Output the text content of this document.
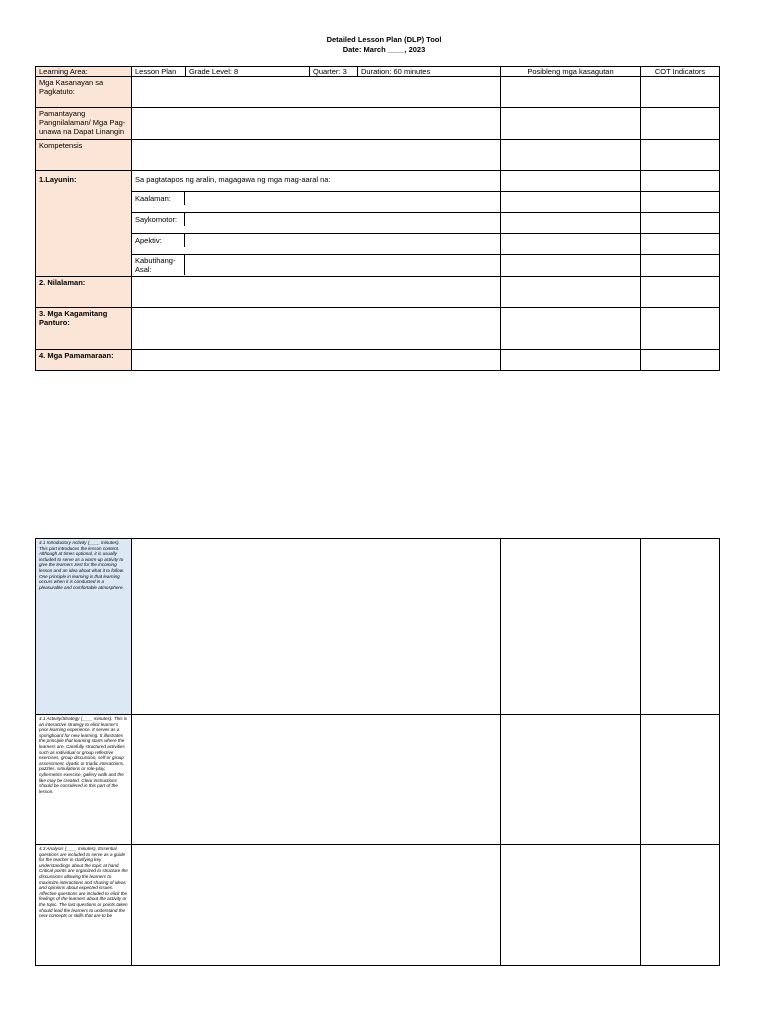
Detailed Lesson Plan (DLP) Tool
Date: March ____, 2023
Learning Area:	Lesson Plan Grade Level: 8 Quarter: 3 Duration: 60 minutes	Posibleng mga kasagutan	COT Indicators
Mga Kasanayan sa Pagkatuto:			
Pamantayang Pangnilalaman/ Mga Pag-unawa na Dapat Linangin			
Kompetensis			
1.Layunin:	Sa pagtatapos ng aralin, magagawa ng mga mag-aaral na:		

	Kaalaman:		

	Saykomotor:		

	Apektiv:		

	Kabutihang-Asal:		

2. Nilalaman:			
3. Mga Kagamitang Panturo:			
4. Mga Pamamaraan:			
4.1 Introductory Activity (____ minutes). This part introduces the lesson content. Although at times optional, it is usually included to serve as a warm-up activity to give the learners zest for the incoming lesson and an idea about what it to follow. One principle in learning is that learning occurs when it is conducted in a pleasurable and comfortable atmosphere.			
4.1 Activity/Strategy (____ minutes). This is an interactive strategy to elicit learner's prior learning experience. It serves as a springboard for new learning. It illustrates the principle that learning starts where the learners are. Carefully structured activities such as individual or group reflective exercises, group discussion, self-or group assessment, dyadic or triadic interactions, puzzles, simulations or role-play, cybernetics exercise, gallery walk and the like may be created. Clear instructions should be considered in this part of the lesson.			
4.3 Analysis (____ minutes). Essential questions are included to serve as a guide for the teacher in clarifying key understandings about the topic at hand. Critical points are organized to structure the discussions allowing the learners to maximize interactions and sharing of ideas and opinions about expected issues. Affective questions are included to elicit the feelings of the learners about the activity or the topic. The last questions or points taken should lead the learners to understand the new concepts or skills that are to be			
